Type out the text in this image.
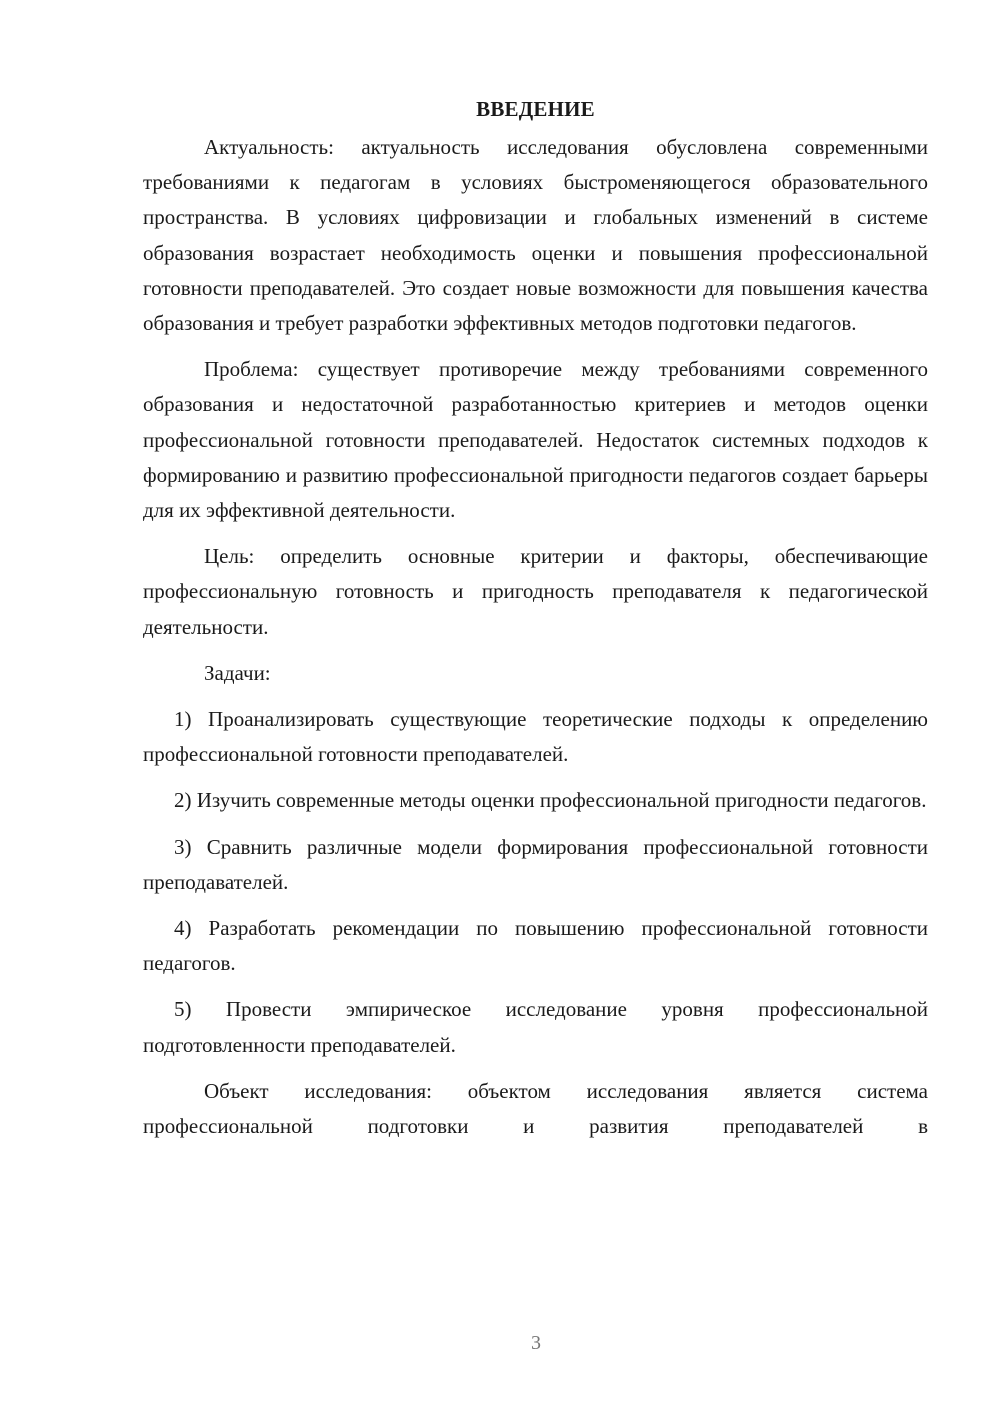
ВВЕДЕНИЕ

Актуальность: актуальность исследования обусловлена современными требованиями к педагогам в условиях быстроменяющегося образовательного пространства. В условиях цифровизации и глобальных изменений в системе образования возрастает необходимость оценки и повышения профессиональной готовности преподавателей. Это создает новые возможности для повышения качества образования и требует разработки эффективных методов подготовки педагогов.

Проблема: существует противоречие между требованиями современного образования и недостаточной разработанностью критериев и методов оценки профессиональной готовности преподавателей. Недостаток системных подходов к формированию и развитию профессиональной пригодности педагогов создает барьеры для их эффективной деятельности.

Цель: определить основные критерии и факторы, обеспечивающие профессиональную готовность и пригодность преподавателя к педагогической деятельности.

Задачи:

1) Проанализировать существующие теоретические подходы к определению профессиональной готовности преподавателей.

2) Изучить современные методы оценки профессиональной пригодности педагогов.

3) Сравнить различные модели формирования профессиональной готовности преподавателей.

4) Разработать рекомендации по повышению профессиональной готовности педагогов.

5) Провести эмпирическое исследование уровня профессиональной подготовленности преподавателей.

Объект исследования: объектом исследования является система профессиональной подготовки и развития преподавателей в

3
